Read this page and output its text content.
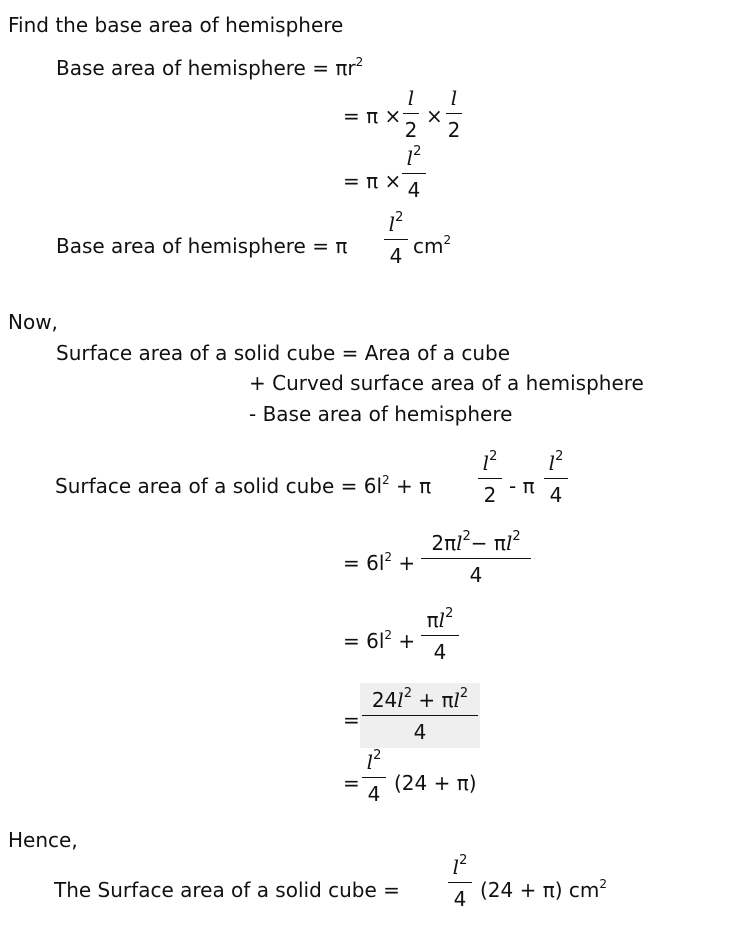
Find the base area of hemisphere
Base area of hemisphere = $\pi r^2$
= π ×
l
2
×
l
2
= π ×
$l^2$
4
Base area of hemisphere = π
$l^2$
4 $cm^2$
Now,
Surface area of a solid cube = Area of a cube
+ Curved surface area of a hemisphere
- Base area of hemisphere
Surface area of a solid cube = $6l^2 + \pi$
$l^2$
2 - π
$l^2$
4
= $6l^2$ +
$2\pi l^2- \pi l^2$
4
= $6l^2$ +
$\pi l^2$
4
=
$24l^2 + \pi l^2$
4
=
$l^2$
4 (24 + π)
Hence,
The Surface area of a solid cube =
$l^2$
4 (24 + π) $cm^2$
